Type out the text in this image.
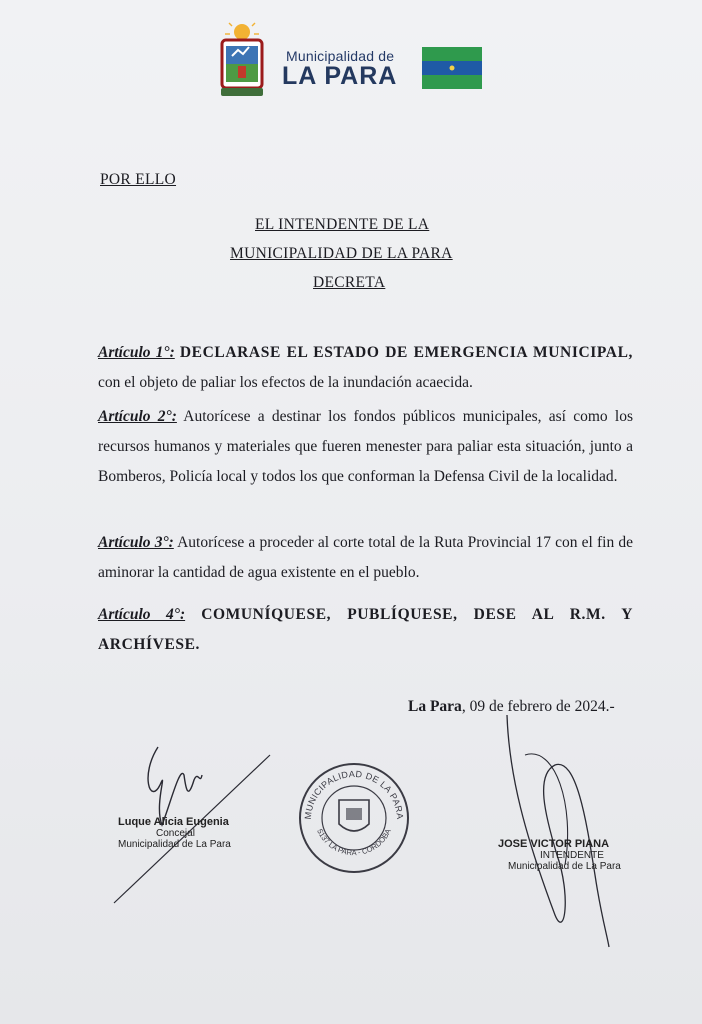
Municipalidad de
LA PARA
POR ELLO
EL INTENDENTE DE LA
MUNICIPALIDAD DE LA PARA
DECRETA
Artículo 1°: DECLARASE EL ESTADO DE EMERGENCIA MUNICIPAL, con el objeto de paliar los efectos de la inundación acaecida.
Artículo 2°: Autorícese a destinar los fondos públicos municipales, así como los recursos humanos y materiales que fueren menester para paliar esta situación, junto a Bomberos, Policía local y todos los que conforman la Defensa Civil de la localidad.
Artículo 3°: Autorícese a proceder al corte total de la Ruta Provincial 17 con el fin de aminorar la cantidad de agua existente en el pueblo.
Artículo 4°: COMUNÍQUESE, PUBLÍQUESE, DESE AL R.M. Y ARCHÍVESE.
La Para, 09 de febrero de 2024.-
Luque Alicia Eugenia
Concejal
Municipalidad de La Para
MUNICIPALIDAD DE LA PARA
5137 LA PARA - CORDOBA
JOSE VICTOR PIANA
INTENDENTE
Municipalidad de La Para
